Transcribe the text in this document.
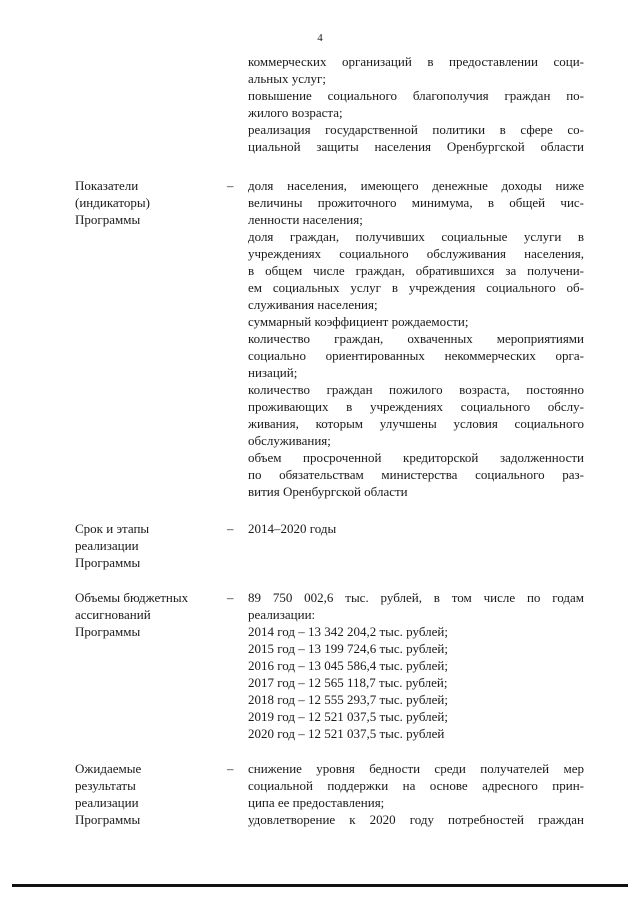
4
коммерческих организаций в предоставлении соци-
альных услуг;
повышение социального благополучия граждан по-
жилого возраста;
реализация государственной политики в сфере со-
циальной защиты населения Оренбургской области
Показатели
(индикаторы)
Программы
– доля населения, имеющего денежные доходы ниже
величины прожиточного минимума, в общей чис-
ленности населения;
доля граждан, получивших социальные услуги в
учреждениях социального обслуживания населения,
в общем числе граждан, обратившихся за получени-
ем социальных услуг в учреждения социального об-
служивания населения;
суммарный коэффициент рождаемости;
количество граждан, охваченных мероприятиями
социально ориентированных некоммерческих орга-
низаций;
количество граждан пожилого возраста, постоянно
проживающих в учреждениях социального обслу-
живания, которым улучшены условия социального
обслуживания;
объем просроченной кредиторской задолженности
по обязательствам министерства социального раз-
вития Оренбургской области
Срок и этапы
реализации
Программы
– 2014–2020 годы
Объемы бюджетных
ассигнований
Программы
– 89 750 002,6 тыс. рублей, в том числе по годам
реализации:
2014 год – 13 342 204,2 тыс. рублей;
2015 год – 13 199 724,6 тыс. рублей;
2016 год – 13 045 586,4 тыс. рублей;
2017 год – 12 565 118,7 тыс. рублей;
2018 год – 12 555 293,7 тыс. рублей;
2019 год – 12 521 037,5 тыс. рублей;
2020 год – 12 521 037,5 тыс. рублей
Ожидаемые
результаты
реализации
Программы
– снижение уровня бедности среди получателей мер
социальной поддержки на основе адресного прин-
ципа ее предоставления;
удовлетворение к 2020 году потребностей граждан
